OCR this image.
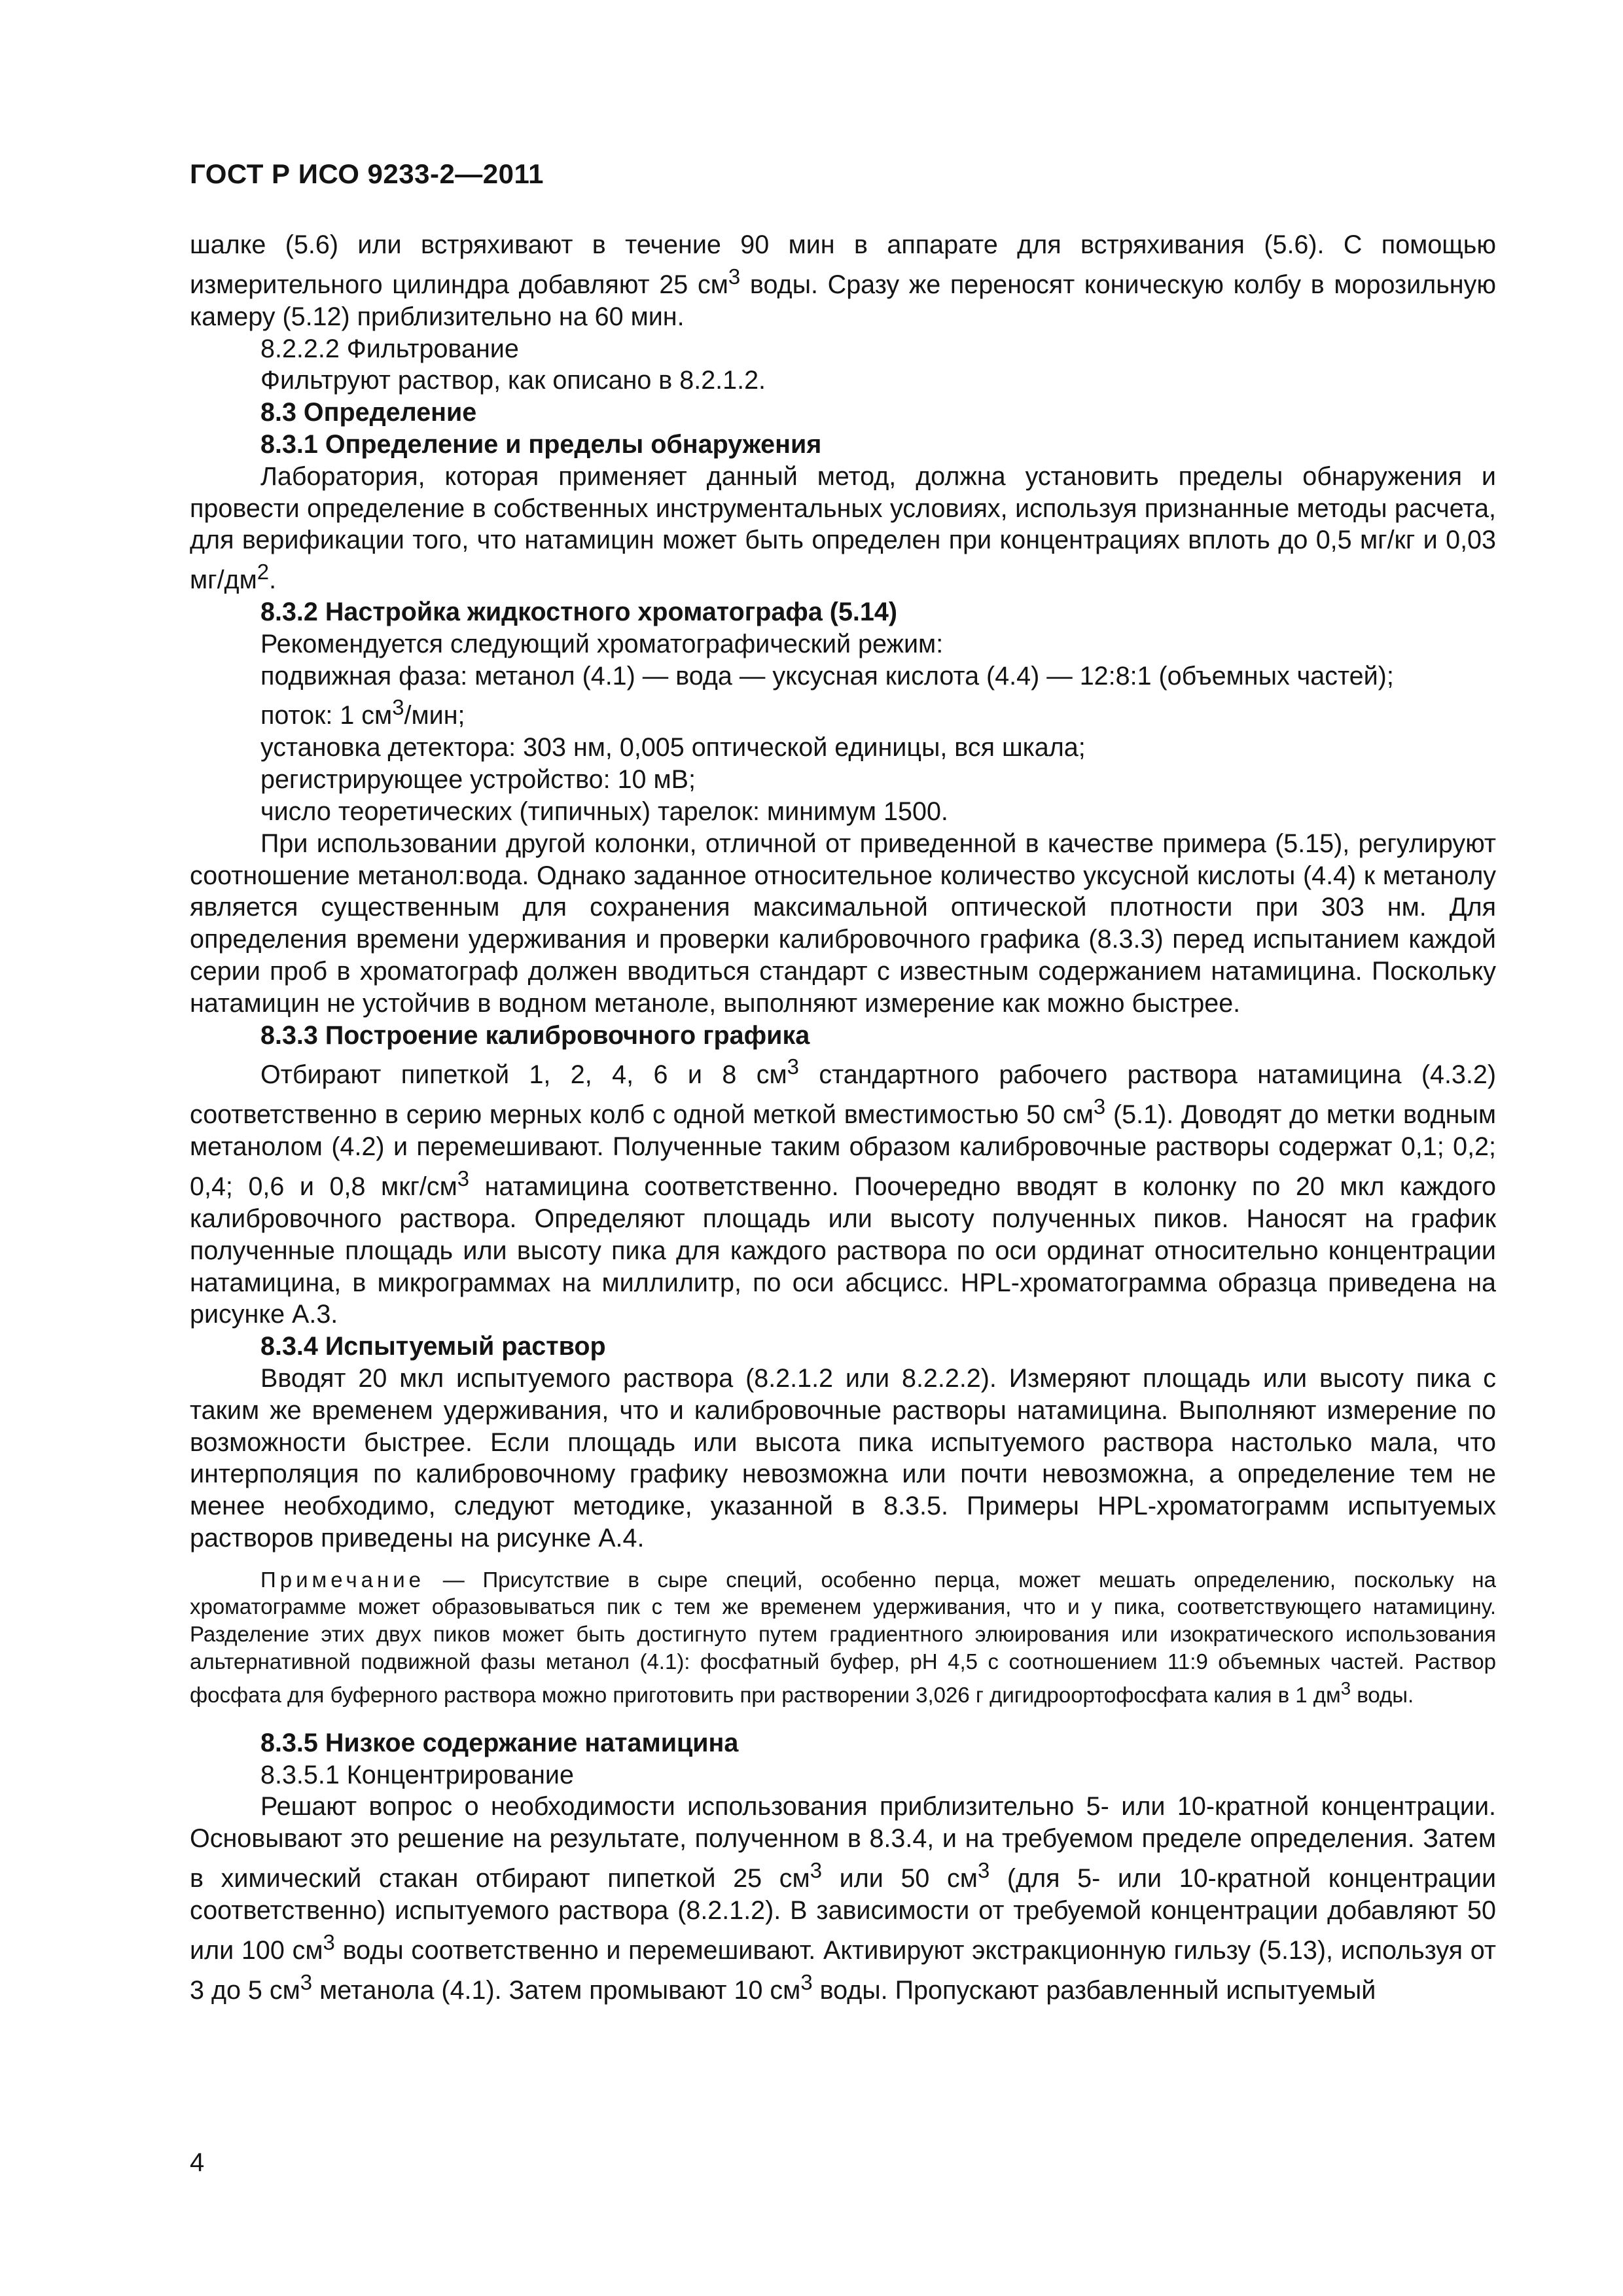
ГОСТ Р ИСО 9233-2—2011

шалке (5.6) или встряхивают в течение 90 мин в аппарате для встряхивания (5.6). С помощью измерительного цилиндра добавляют 25 $см^3$ воды. Сразу же переносят коническую колбу в морозильную камеру (5.12) приблизительно на 60 мин.

8.2.2.2 Фильтрование

Фильтруют раствор, как описано в 8.2.1.2.

8.3 Определение

8.3.1 Определение и пределы обнаружения

Лаборатория, которая применяет данный метод, должна установить пределы обнаружения и провести определение в собственных инструментальных условиях, используя признанные методы расчета, для верификации того, что натамицин может быть определен при концентрациях вплоть до 0,5 мг/кг и 0,03 $мг/дм^2$.

8.3.2 Настройка жидкостного хроматографа (5.14)

Рекомендуется следующий хроматографический режим:

подвижная фаза: метанол (4.1) — вода — уксусная кислота (4.4) — 12:8:1 (объемных частей);

поток: 1 $см^3$/мин;

установка детектора: 303 нм, 0,005 оптической единицы, вся шкала;

регистрирующее устройство: 10 мВ;

число теоретических (типичных) тарелок: минимум 1500.

При использовании другой колонки, отличной от приведенной в качестве примера (5.15), регулируют соотношение метанол:вода. Однако заданное относительное количество уксусной кислоты (4.4) к метанолу является существенным для сохранения максимальной оптической плотности при 303 нм. Для определения времени удерживания и проверки калибровочного графика (8.3.3) перед испытанием каждой серии проб в хроматограф должен вводиться стандарт с известным содержанием натамицина. Поскольку натамицин не устойчив в водном метаноле, выполняют измерение как можно быстрее.

8.3.3 Построение калибровочного графика

Отбирают пипеткой 1, 2, 4, 6 и 8 $см^3$ стандартного рабочего раствора натамицина (4.3.2) соответственно в серию мерных колб с одной меткой вместимостью 50 $см^3$ (5.1). Доводят до метки водным метанолом (4.2) и перемешивают. Полученные таким образом калибровочные растворы содержат 0,1; 0,2; 0,4; 0,6 и 0,8 мкг/$см^3$ натамицина соответственно. Поочередно вводят в колонку по 20 мкл каждого калибровочного раствора. Определяют площадь или высоту полученных пиков. Наносят на график полученные площадь или высоту пика для каждого раствора по оси ординат относительно концентрации натамицина, в микрограммах на миллилитр, по оси абсцисс. HPL-хроматограмма образца приведена на рисунке А.3.

8.3.4 Испытуемый раствор

Вводят 20 мкл испытуемого раствора (8.2.1.2 или 8.2.2.2). Измеряют площадь или высоту пика с таким же временем удерживания, что и калибровочные растворы натамицина. Выполняют измерение по возможности быстрее. Если площадь или высота пика испытуемого раствора настолько мала, что интерполяция по калибровочному графику невозможна или почти невозможна, а определение тем не менее необходимо, следуют методике, указанной в 8.3.5. Примеры HPL-хроматограмм испытуемых растворов приведены на рисунке А.4.

Примечание — Присутствие в сыре специй, особенно перца, может мешать определению, поскольку на хроматограмме может образовываться пик с тем же временем удерживания, что и у пика, соответствующего натамицину. Разделение этих двух пиков может быть достигнуто путем градиентного элюирования или изократического использования альтернативной подвижной фазы метанол (4.1): фосфатный буфер, pH 4,5 с соотношением 11:9 объемных частей. Раствор фосфата для буферного раствора можно приготовить при растворении 3,026 г дигидроортофосфата калия в 1 $дм^3$ воды.

8.3.5 Низкое содержание натамицина

8.3.5.1 Концентрирование

Решают вопрос о необходимости использования приблизительно 5- или 10-кратной концентрации. Основывают это решение на результате, полученном в 8.3.4, и на требуемом пределе определения. Затем в химический стакан отбирают пипеткой 25 $см^3$ или 50 $см^3$ (для 5- или 10-кратной концентрации соответственно) испытуемого раствора (8.2.1.2). В зависимости от требуемой концентрации добавляют 50 или 100 $см^3$ воды соответственно и перемешивают. Активируют экстракционную гильзу (5.13), используя от 3 до 5 $см^3$ метанола (4.1). Затем промывают 10 $см^3$ воды. Пропускают разбавленный испытуемый

4
